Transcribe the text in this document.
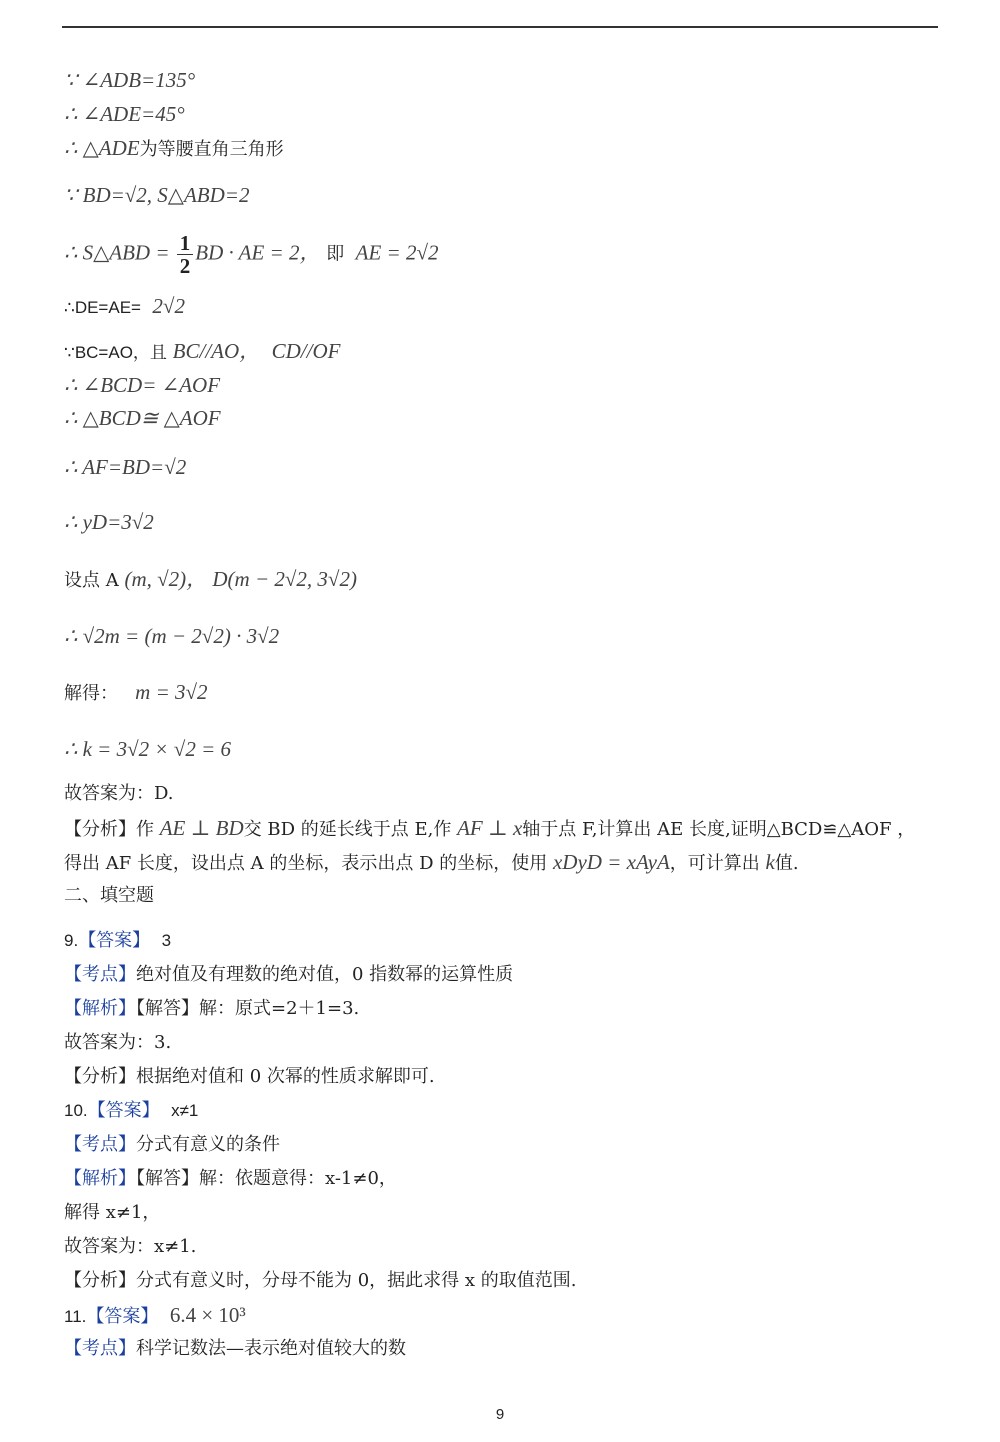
∵ ∠ADB=135°
∴ ∠ADE=45°
∴ △ADE为等腰直角三角形
∵ BD=√2, S△ABD=2
∴ S△ABD = $\frac{1}{2}$ BD · AE = 2， 即 AE = 2√2
∴DE=AE= 2√2
∵BC=AO，且 BC//AO， CD//OF
∴ ∠BCD= ∠AOF
∴ △BCD≅ △AOF
∴ AF=BD=√2
∴ yD=3√2
设点 A (m, √2)， D(m − 2√2, 3√2)
∴ √2m = (m − 2√2) · 3√2
解得： m = 3√2
∴ k = 3√2 × √2 = 6
故答案为：D.
【分析】作 AE ⊥ BD交 BD 的延长线于点 E,作 AF ⊥ x轴于点 F,计算出 AE 长度,证明△BCD≌△AOF ，
得出 AF 长度，设出点 A 的坐标，表示出点 D 的坐标，使用 xDyD = xAyA，可计算出 k值.
二、填空题
9.【答案】 3
【考点】绝对值及有理数的绝对值，0 指数幂的运算性质
【解析】【解答】解：原式=2＋1=3.
故答案为：3.
【分析】根据绝对值和 0 次幂的性质求解即可.
10.【答案】 x≠1
【考点】分式有意义的条件
【解析】【解答】解：依题意得：x-1≠0，
解得 x≠1，
故答案为：x≠1.
【分析】分式有意义时，分母不能为 0，据此求得 x 的取值范围.
11.【答案】 6.4 × 10³
【考点】科学记数法—表示绝对值较大的数
9
